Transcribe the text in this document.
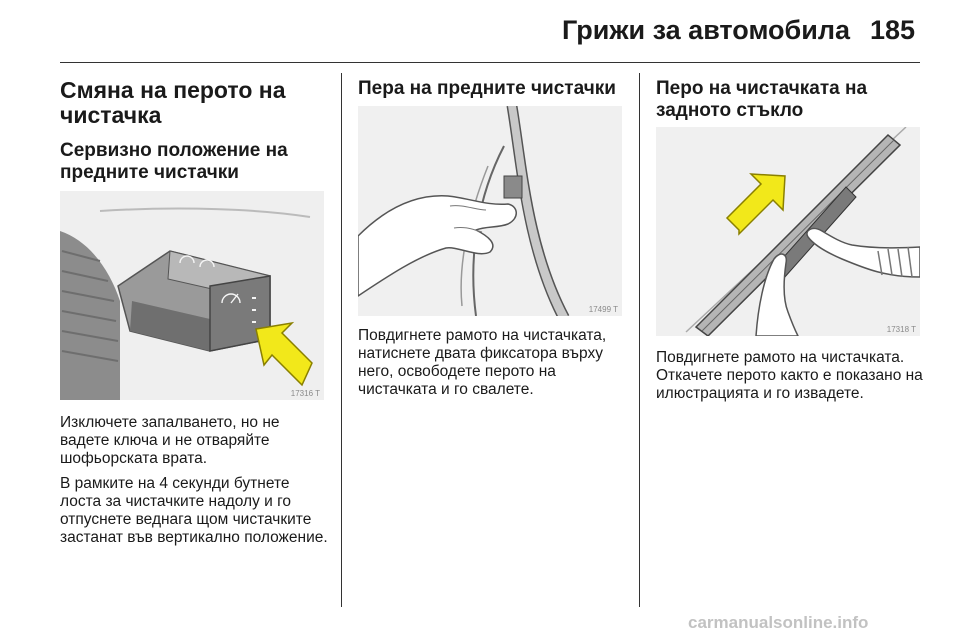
Грижи за автомобила 185

Смяна на перото на чистачка

Сервизно положение на предните чистачки

17316 T

Изключете запалването, но не вадете ключа и не отваряйте шофьорската врата.

В рамките на 4 секунди бутнете лоста за чистачките надолу и го отпуснете веднага щом чистачките застанат във вертикално положение.

Пера на предните чистачки

17499 T

Повдигнете рамото на чистачката, натиснете двата фиксатора върху него, освободете перото на чистачката и го свалете.

Перо на чистачката на задното стъкло

17318 T

Повдигнете рамото на чистачката. Откачете перото както е показано на илюстрацията и го извадете.

carmanualsonline.info
